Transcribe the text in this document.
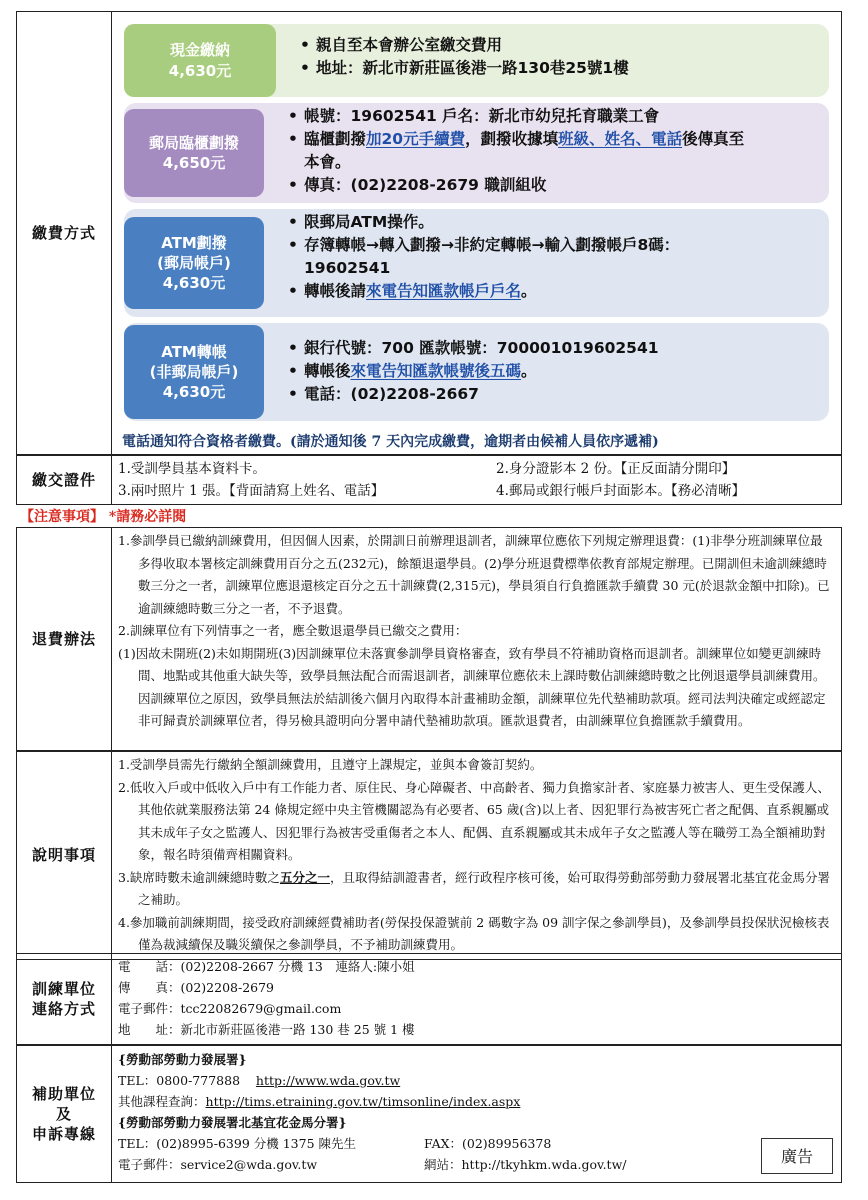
繳費方式	
現金繳納
4,630元
• 親自至本會辦公室繳交費用
• 地址：新北市新莊區後港一路130巷25號1樓
郵局臨櫃劃撥
4,650元
• 帳號：19602541 戶名：新北市幼兒托育職業工會
• 臨櫃劃撥加20元手續費，劃撥收據填班級、姓名、電話後傳真至本會。
• 傳真：(02)2208-2679 職訓組收
ATM劃撥
(郵局帳戶)
4,630元
• 限郵局ATM操作。
• 存簿轉帳→轉入劃撥→非約定轉帳→輸入劃撥帳戶8碼：19602541
• 轉帳後請來電告知匯款帳戶戶名。
ATM轉帳
(非郵局帳戶)
4,630元
• 銀行代號：700 匯款帳號：700001019602541
• 轉帳後來電告知匯款帳號後五碼。
• 電話：(02)2208-2667
電話通知符合資格者繳費。(請於通知後 7 天內完成繳費，逾期者由候補人員依序遞補)
繳交證件	
1.受訓學員基本資料卡。	2.身分證影本 2 份。【正反面請分開印】
3.兩吋照片 1 張。【背面請寫上姓名、電話】	4.郵局或銀行帳戶封面影本。【務必清晰】
【注意事項】 *請務必詳閱
退費辦法	

1.參訓學員已繳納訓練費用，但因個人因素，於開訓日前辦理退訓者，訓練單位應依下列規定辦理退費：(1)非學分班訓練單位最多得收取本署核定訓練費用百分之五(232元)，餘額退還學員。(2)學分班退費標準依教育部規定辦理。已開訓但未逾訓練總時數三分之一者，訓練單位應退還核定百分之五十訓練費(2,315元)，學員須自行負擔匯款手續費 30 元(於退款金額中扣除)。已逾訓練總時數三分之一者，不予退費。

2.訓練單位有下列情事之一者，應全數退還學員已繳交之費用：

(1)因故未開班(2)未如期開班(3)因訓練單位未落實參訓學員資格審查，致有學員不符補助資格而退訓者。訓練單位如變更訓練時間、地點或其他重大缺失等，致學員無法配合而需退訓者，訓練單位應依未上課時數佔訓練總時數之比例退還學員訓練費用。因訓練單位之原因，致學員無法於結訓後六個月內取得本計畫補助金額，訓練單位先代墊補助款項。經司法判決確定或經認定非可歸責於訓練單位者，得另檢具證明向分署申請代墊補助款項。匯款退費者，由訓練單位負擔匯款手續費用。

說明事項	

1.受訓學員需先行繳納全額訓練費用，且遵守上課規定，並與本會簽訂契約。

2.低收入戶或中低收入戶中有工作能力者、原住民、身心障礙者、中高齡者、獨力負擔家計者、家庭暴力被害人、更生受保護人、其他依就業服務法第 24 條規定經中央主管機關認為有必要者、65 歲(含)以上者、因犯罪行為被害死亡者之配偶、直系親屬或其未成年子女之監護人、因犯罪行為被害受重傷者之本人、配偶、直系親屬或其未成年子女之監護人等在職勞工為全額補助對象，報名時須備齊相關資料。

3.缺席時數未逾訓練總時數之五分之一，且取得結訓證書者，經行政程序核可後，始可取得勞動部勞動力發展署北基宜花金馬分署之補助。

4.參加職前訓練期間，接受政府訓練經費補助者(勞保投保證號前 2 碼數字為 09 訓字保之參訓學員)，及參訓學員投保狀況檢核表僅為裁減續保及職災續保之參訓學員，不予補助訓練費用。

訓練單位
連絡方式	
電　　話：(02)2208-2667 分機 13　連絡人:陳小姐
傳　　真：(02)2208-2679
電子郵件：tcc22082679@gmail.com
地　　址：新北市新莊區後港一路 130 巷 25 號 1 樓
補助單位
及
申訴專線	
{勞動部勞動力發展署}
TEL：0800-777888 http://www.wda.gov.tw
其他課程查詢：http://tims.etraining.gov.tw/timsonline/index.aspx
{勞動部勞動力發展署北基宜花金馬分署}
TEL：(02)8995-6399 分機 1375 陳先生	FAX：(02)89956378
電子郵件：service2@wda.gov.tw	網站：http://tkyhkm.wda.gov.tw/	廣告
